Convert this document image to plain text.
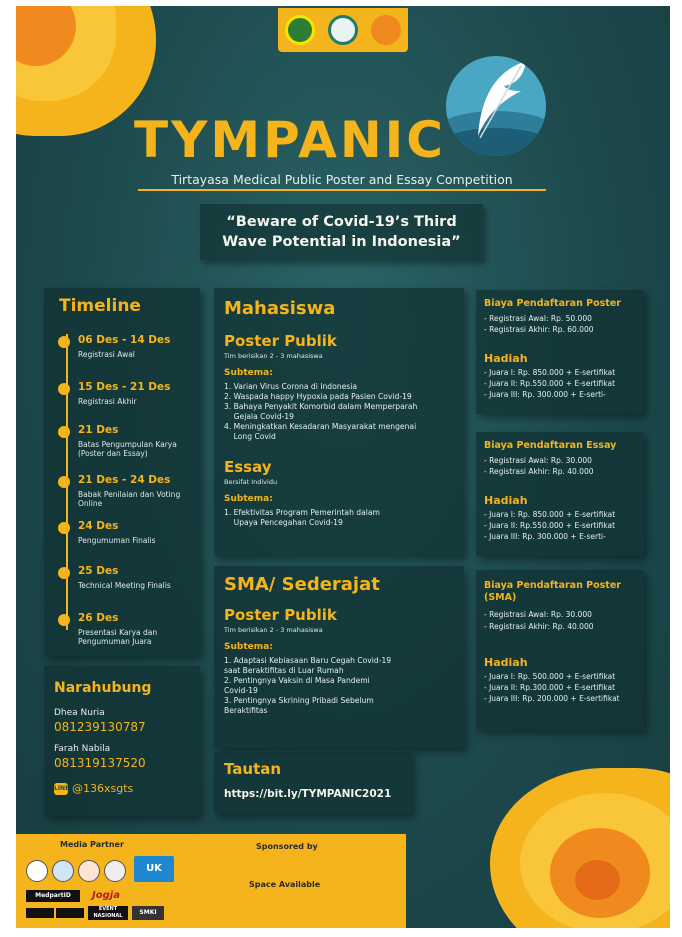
TYMPANIC
Tirtayasa Medical Public Poster and Essay Competition
“Beware of Covid-19’s Third
Wave Potential in Indonesia”
Timeline
06 Des - 14 Des
Registrasi Awal
15 Des - 21 Des
Registrasi Akhir
21 Des
Batas Pengumpulan Karya (Poster dan Essay)
21 Des - 24 Des
Babak Penilaian dan Voting Online
24 Des
Pengumuman Finalis
25 Des
Technical Meeting Finalis
26 Des
Presentasi Karya dan Pengumuman Juara
Narahubung
Dhea Nuria
081239130787
Farah Nabila
081319137520
LINE @136xsgts
Mahasiswa
Poster Publik
Tim berisikan 2 - 3 mahasiswa
Subtema:
1. Varian Virus Corona di Indonesia
2. Waspada happy Hypoxia pada Pasien Covid-19
3. Bahaya Penyakit Komorbid dalam Memperparah
Gejala Covid-19
4. Meningkatkan Kesadaran Masyarakat mengenai
Long Covid
Essay
Bersifat Individu
Subtema:
1. Efektivitas Program Pemerintah dalam
Upaya Pencegahan Covid-19
SMA/ Sederajat
Poster Publik
Tim berisikan 2 - 3 mahasiswa
Subtema:
1. Adaptasi Kebiasaan Baru Cegah Covid-19
saat Beraktifitas di Luar Rumah
2. Pentingnya Vaksin di Masa Pandemi
Covid-19
3. Pentingnya Skrining Pribadi Sebelum
Beraktifitas
Biaya Pendaftaran Poster
- Registrasi Awal: Rp. 50.000
- Registrasi Akhir: Rp. 60.000
Hadiah
- Juara I: Rp. 850.000 + E-sertifikat
- Juara II: Rp.550.000 + E-sertifikat
- Juara III: Rp. 300.000 + E-serti-
Biaya Pendaftaran Essay
- Registrasi Awal: Rp. 30.000
- Registrasi Akhir: Rp. 40.000
Hadiah
- Juara I: Rp. 850.000 + E-sertifikat
- Juara II: Rp.550.000 + E-sertifikat
- Juara III: Rp. 300.000 + E-serti-
Biaya Pendaftaran Poster (SMA)
- Registrasi Awal: Rp. 30.000
- Registrasi Akhir: Rp. 40.000
Hadiah
- Juara I: Rp. 500.000 + E-sertifikat
- Juara II: Rp.300.000 + E-sertifikat
- Juara III: Rp. 200.000 + E-sertifikat
Tautan
https://bit.ly/TYMPANIC2021
Media Partner	Sponsored by
Space Available
UK
MedpartID	Jogja
EVENT NASIONAL	SMKI
